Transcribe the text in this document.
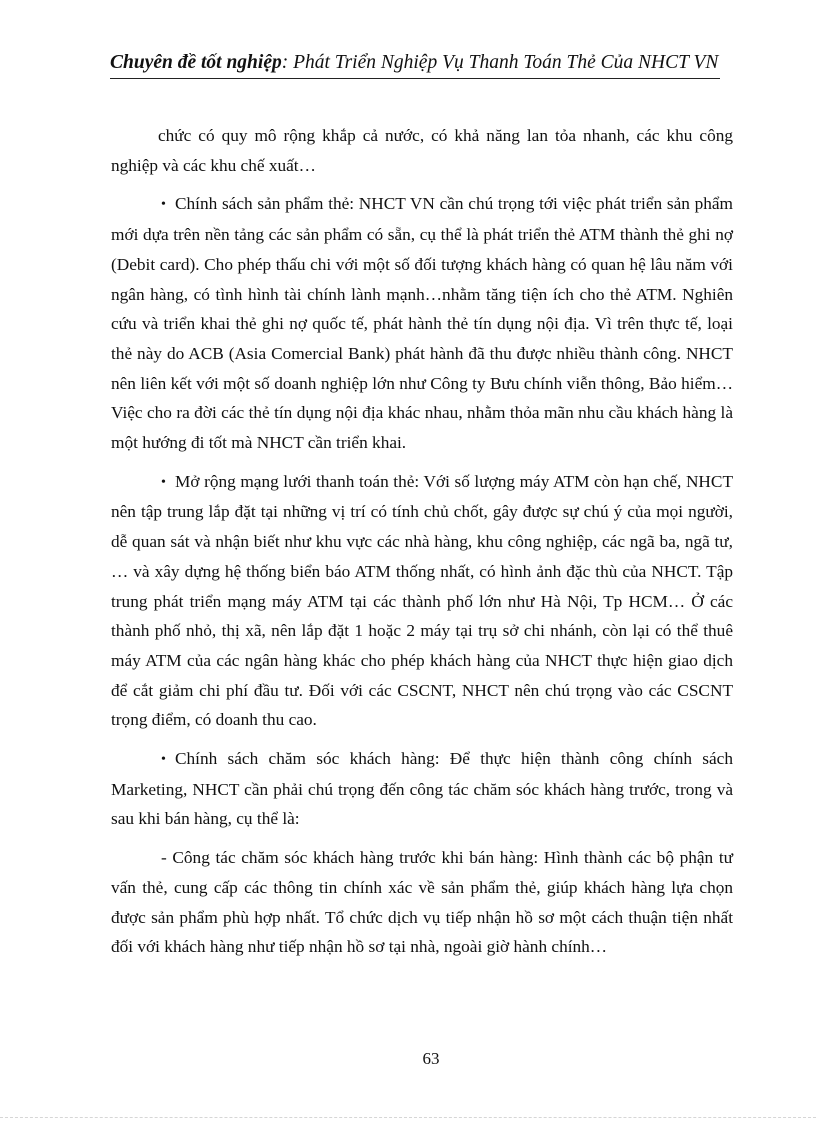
Chuyên đề tốt nghiệp: Phát Triển Nghiệp Vụ Thanh Toán Thẻ Của NHCT VN

chức có quy mô rộng khắp cả nước, có khả năng lan tỏa nhanh, các khu công nghiệp và các khu chế xuất…

• Chính sách sản phẩm thẻ: NHCT VN cần chú trọng tới việc phát triển sản phẩm mới dựa trên nền tảng các sản phẩm có sẵn, cụ thể là phát triển thẻ ATM thành thẻ ghi nợ (Debit card). Cho phép thấu chi với một số đối tượng khách hàng có quan hệ lâu năm với ngân hàng, có tình hình tài chính lành mạnh…nhằm tăng tiện ích cho thẻ ATM. Nghiên cứu và triển khai thẻ ghi nợ quốc tế, phát hành thẻ tín dụng nội địa. Vì trên thực tế, loại thẻ này do ACB (Asia Comercial Bank) phát hành đã thu được nhiều thành công. NHCT nên liên kết với một số doanh nghiệp lớn như Công ty Bưu chính viễn thông, Bảo hiểm… Việc cho ra đời các thẻ tín dụng nội địa khác nhau, nhằm thỏa mãn nhu cầu khách hàng là một hướng đi tốt mà NHCT cần triển khai.

• Mở rộng mạng lưới thanh toán thẻ: Với số lượng máy ATM còn hạn chế, NHCT nên tập trung lắp đặt tại những vị trí có tính chủ chốt, gây được sự chú ý của mọi người, dễ quan sát và nhận biết như khu vực các nhà hàng, khu công nghiệp, các ngã ba, ngã tư, … và xây dựng hệ thống biển báo ATM thống nhất, có hình ảnh đặc thù của NHCT. Tập trung phát triển mạng máy ATM tại các thành phố lớn như Hà Nội, Tp HCM… Ở các thành phố nhỏ, thị xã, nên lắp đặt 1 hoặc 2 máy tại trụ sở chi nhánh, còn lại có thể thuê máy ATM của các ngân hàng khác cho phép khách hàng của NHCT thực hiện giao dịch để cắt giảm chi phí đầu tư. Đối với các CSCNT, NHCT nên chú trọng vào các CSCNT trọng điểm, có doanh thu cao.

• Chính sách chăm sóc khách hàng: Để thực hiện thành công chính sách Marketing, NHCT cần phải chú trọng đến công tác chăm sóc khách hàng trước, trong và sau khi bán hàng, cụ thể là:

- Công tác chăm sóc khách hàng trước khi bán hàng: Hình thành các bộ phận tư vấn thẻ, cung cấp các thông tin chính xác về sản phẩm thẻ, giúp khách hàng lựa chọn được sản phẩm phù hợp nhất. Tổ chức dịch vụ tiếp nhận hồ sơ một cách thuận tiện nhất đối với khách hàng như tiếp nhận hồ sơ tại nhà, ngoài giờ hành chính…

63
